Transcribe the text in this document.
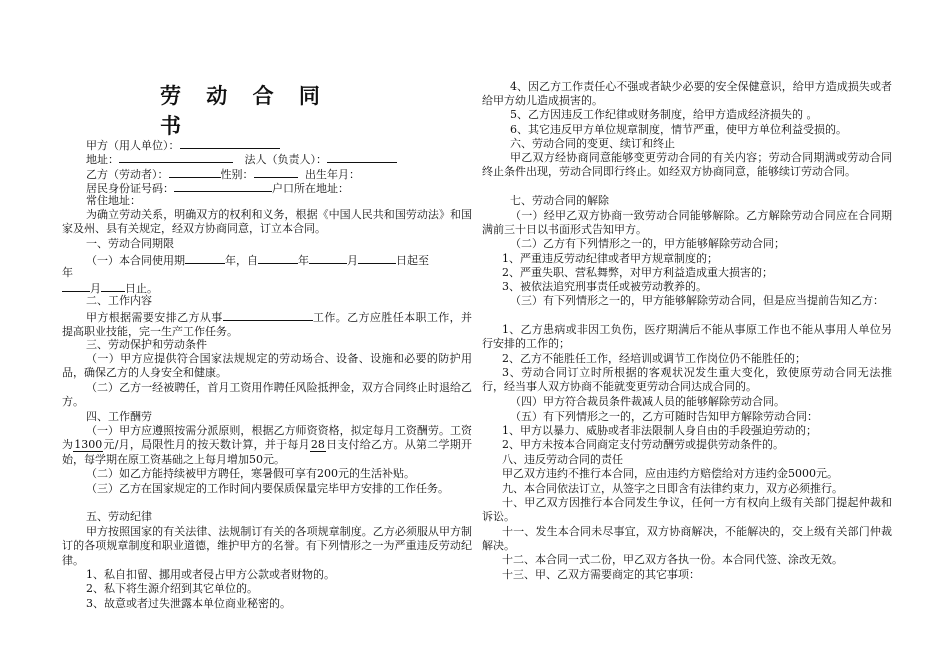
劳 动 合 同 书
甲方（用人单位）：
地址：	法人（负责人）：
乙方（劳动者）：	性别：	出生年月：
居民身份证号码：	户口所在地址：
常住地址：
为确立劳动关系，明确双方的权利和义务，根据《中国人民共和国劳动法》和国家及州、县有关规定，经双方协商同意，订立本合同。
一、劳动合同期限
（一）本合同使用期	年，自	年	月	日起至
年
月 日止。
二、工作内容
甲方根据需要安排乙方从事	工作。乙方应胜任本职工作，并提高职业技能，完一生产工作任务。
三、劳动保护和劳动条件
（一）甲方应提供符合国家法规规定的劳动场合、设备、设施和必要的防护用品，确保乙方的人身安全和健康。
（二）乙方一经被聘任，首月工资用作聘任风险抵押金，双方合同终止时退给乙方。
四、工作酬劳
（一）甲方应遵照按需分派原则，根据乙方师资资格，拟定每月工资酬劳。工资为1300元/月，局限性月的按天数计算，并于每月28日支付给乙方。从第二学期开始，每学期在原工资基础之上每月增加50元。
（二）如乙方能持续被甲方聘任，寒暑假可享有200元的生活补贴。
（三）乙方在国家规定的工作时间内要保质保量完毕甲方安排的工作任务。
五、劳动纪律
甲方按照国家的有关法律、法规制订有关的各项规章制度。乙方必须服从甲方制订的各项规章制度和职业道德，维护甲方的名誉。有下列情形之一为严重违反劳动纪律。
1、私自扣留、挪用或者侵占甲方公款或者财物的。
2、私下将生源介绍到其它单位的。
3、故意或者过失泄露本单位商业秘密的。
4、因乙方工作责任心不强或者缺少必要的安全保健意识，给甲方造成损失或者给甲方幼儿造成损害的。
5、乙方因违反工作纪律或财务制度，给甲方造成经济损失的 。
6、其它违反甲方单位规章制度，情节严重，使甲方单位利益受损的。
六、劳动合同的变更、续订和终止
甲乙双方经协商同意能够变更劳动合同的有关内容；劳动合同期满或劳动合同终止条件出现，劳动合同即行终止。如经双方协商同意，能够续订劳动合同。
七、劳动合同的解除
（一）经甲乙双方协商一致劳动合同能够解除。乙方解除劳动合同应在合同期满前三十日以书面形式告知甲方。
（二）乙方有下列情形之一的，甲方能够解除劳动合同；
1、严重违反劳动纪律或者甲方规章制度的；
2、严重失职、营私舞弊，对甲方利益造成重大损害的；
3、被依法追究刑事责任或被劳动教养的。
（三）有下列情形之一的，甲方能够解除劳动合同，但是应当提前告知乙方：
1、乙方患病或非因工负伤，医疗期满后不能从事原工作也不能从事用人单位另行安排的工作的；
2、乙方不能胜任工作，经培训或调节工作岗位仍不能胜任的；
3、劳动合同订立时所根据的客观状况发生重大变化，致使原劳动合同无法推行，经当事人双方协商不能就变更劳动合同达成合同的。
（四）甲方符合裁员条件裁减人员的能够解除劳动合同。
（五）有下列情形之一的，乙方可随时告知甲方解除劳动合同：
1、甲方以暴力、威胁或者非法限制人身自由的手段强迫劳动的；
2、甲方未按本合同商定支付劳动酬劳或提供劳动条件的。
八、违反劳动合同的责任
甲乙双方违约不推行本合同，应由违约方赔偿给对方违约金5000元。
九、本合同依法订立，从签字之日即含有法律约束力，双方必须推行。
十、甲乙双方因推行本合同发生争议，任何一方有权向上级有关部门提起仲裁和诉讼。
十一、发生本合同未尽事宜，双方协商解决，不能解决的，交上级有关部门仲裁解决。
十二、本合同一式二份，甲乙双方各执一份。本合同代签、涂改无效。
十三、甲、乙双方需要商定的其它事项：
